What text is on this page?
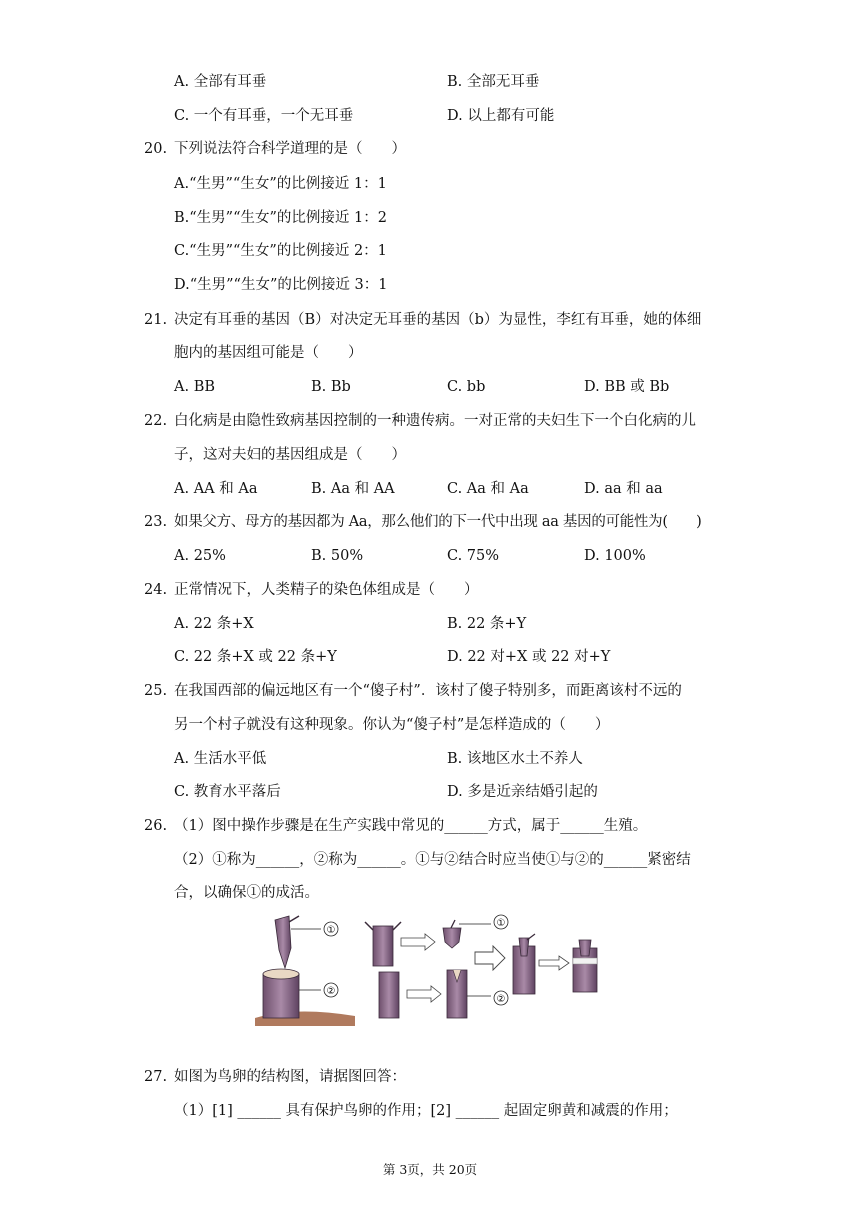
A. 全部有耳垂	B. 全部无耳垂
C. 一个有耳垂，一个无耳垂	D. 以上都有可能
20. 下列说法符合科学道理的是（　　）
A.“生男”“生女”的比例接近 1：1
B.“生男”“生女”的比例接近 1：2
C.“生男”“生女”的比例接近 2：1
D.“生男”“生女”的比例接近 3：1
21. 决定有耳垂的基因（B）对决定无耳垂的基因（b）为显性，李红有耳垂，她的体细
胞内的基因组可能是（　　）
A. BB	B. Bb	C. bb	D. BB 或 Bb
22. 白化病是由隐性致病基因控制的一种遗传病。一对正常的夫妇生下一个白化病的儿
子，这对夫妇的基因组成是（　　）
A. AA 和 Aa	B. Aa 和 AA	C. Aa 和 Aa	D. aa 和 aa
23. 如果父方、母方的基因都为 Aa，那么他们的下一代中出现 aa 基因的可能性为(　　)
A. 25%	B. 50%	C. 75%	D. 100%
24. 正常情况下，人类精子的染色体组成是（　　）
A. 22 条+X	B. 22 条+Y
C. 22 条+X 或 22 条+Y	D. 22 对+X 或 22 对+Y
25. 在我国西部的偏远地区有一个“傻子村”．该村了傻子特别多，而距离该村不远的
另一个村子就没有这种现象。你认为“傻子村”是怎样造成的（　　）
A. 生活水平低	B. 该地区水土不养人
C. 教育水平落后	D. 多是近亲结婚引起的
26. （1）图中操作步骤是在生产实践中常见的______方式，属于______生殖。
（2）①称为______，②称为______。①与②结合时应当使①与②的______紧密结
合，以确保①的成活。
①
②
①
②
27. 如图为鸟卵的结构图，请据图回答：
（1）[1] ______ 具有保护鸟卵的作用；[2] ______ 起固定卵黄和减震的作用；
第 3页，共 20页
